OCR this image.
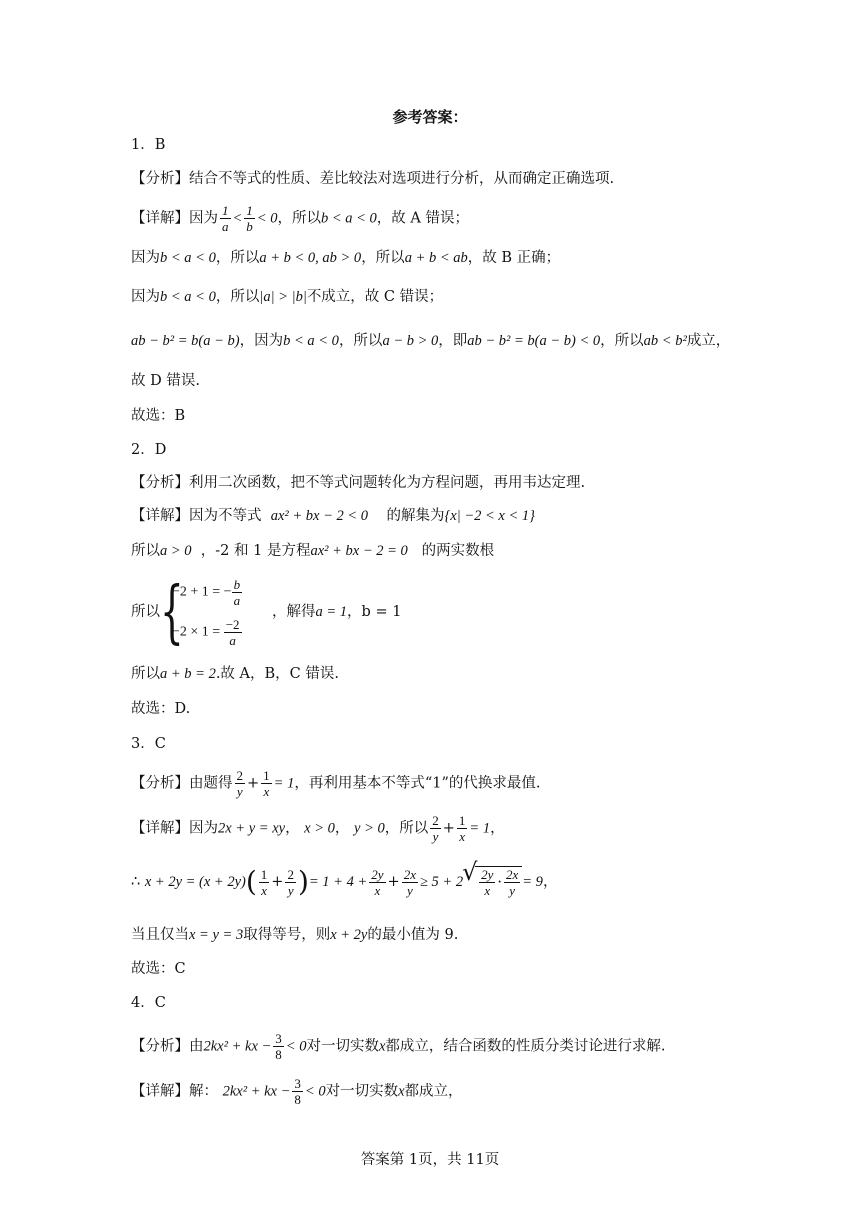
参考答案：
1．B
【分析】结合不等式的性质、差比较法对选项进行分析，从而确定正确选项.
【详解】因为 $\frac{1}{a} < \frac{1}{b} < 0$，所以b < a < 0，故 A 错误；
因为b < a < 0，所以a + b < 0, ab > 0，所以a + b < ab，故 B 正确；
因为b < a < 0，所以|a| > |b|不成立，故 C 错误；
ab − b² = b(a − b)，因为b < a < 0，所以a − b > 0，即ab − b² = b(a − b) < 0，所以ab < b²成立，
故 D 错误.
故选：B
2．D
【分析】利用二次函数，把不等式问题转化为方程问题，再用韦达定理.
【详解】因为不等式 ax² + bx − 2 < 0 的解集为{x| −2 < x < 1}
所以a > 0 ，-2 和 1 是方程ax² + bx − 2 = 0 的两实数根
所以 {
−2 + 1 = − $\frac{b}{a}$
$-2 \times 1 = \frac{-2}{a}$
，解得a = 1，b = 1
所以a + b = 2.故 A，B，C 错误.
故选：D.
3．C
【分析】由题得 $\frac{2}{y} + \frac{1}{x} = 1$，再利用基本不等式“1”的代换求最值.
【详解】因为2x + y = xy， x > 0， y > 0，所以 $\frac{2}{y} + \frac{1}{x} = 1$，
∴ $x + 2y = (x + 2y)( \frac{1}{x} + \frac{2}{y}$ )= $1 + 4 + \frac{2y}{x} + \frac{2x}{y} \ge 5 + 2$
√ $\frac{2y}{x} \cdot \frac{2x}{y} = 9$，
当且仅当x = y = 3取得等号，则x + 2y的最小值为 9.
故选：C
4．C
【分析】由2kx² + kx − $\frac{3}{8} < 0$对一切实数x都成立，结合函数的性质分类讨论进行求解.
【详解】解： 2kx² + kx − $\frac{3}{8} < 0$对一切实数x都成立，
答案第 1页，共 11页
